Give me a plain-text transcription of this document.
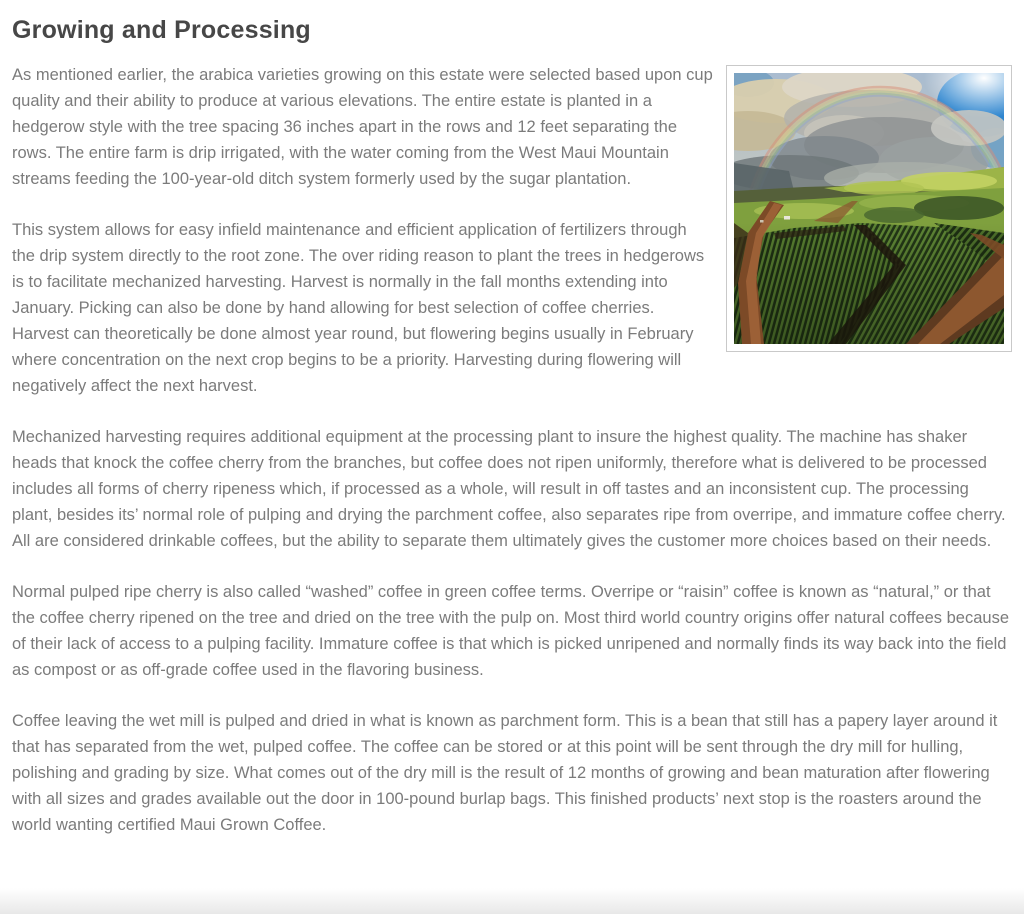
Growing and Processing

As mentioned earlier, the arabica varieties growing on this estate were selected based upon cup quality and their ability to produce at various elevations. The entire estate is planted in a hedgerow style with the tree spacing 36 inches apart in the rows and 12 feet separating the rows. The entire farm is drip irrigated, with the water coming from the West Maui Mountain streams feeding the 100-year-old ditch system formerly used by the sugar plantation.

This system allows for easy infield maintenance and efficient application of fertilizers through the drip system directly to the root zone. The over riding reason to plant the trees in hedgerows is to facilitate mechanized harvesting. Harvest is normally in the fall months extending into January. Picking can also be done by hand allowing for best selection of coffee cherries. Harvest can theoretically be done almost year round, but flowering begins usually in February where concentration on the next crop begins to be a priority. Harvesting during flowering will negatively affect the next harvest.

Mechanized harvesting requires additional equipment at the processing plant to insure the highest quality. The machine has shaker heads that knock the coffee cherry from the branches, but coffee does not ripen uniformly, therefore what is delivered to be processed includes all forms of cherry ripeness which, if processed as a whole, will result in off tastes and an inconsistent cup. The processing plant, besides its’ normal role of pulping and drying the parchment coffee, also separates ripe from overripe, and immature coffee cherry. All are considered drinkable coffees, but the ability to separate them ultimately gives the customer more choices based on their needs.

Normal pulped ripe cherry is also called “washed” coffee in green coffee terms. Overripe or “raisin” coffee is known as “natural,” or that the coffee cherry ripened on the tree and dried on the tree with the pulp on. Most third world country origins offer natural coffees because of their lack of access to a pulping facility. Immature coffee is that which is picked unripened and normally finds its way back into the field as compost or as off-grade coffee used in the flavoring business.

Coffee leaving the wet mill is pulped and dried in what is known as parchment form. This is a bean that still has a papery layer around it that has separated from the wet, pulped coffee. The coffee can be stored or at this point will be sent through the dry mill for hulling, polishing and grading by size. What comes out of the dry mill is the result of 12 months of growing and bean maturation after flowering with all sizes and grades available out the door in 100-pound burlap bags. This finished products’ next stop is the roasters around the world wanting certified Maui Grown Coffee.
